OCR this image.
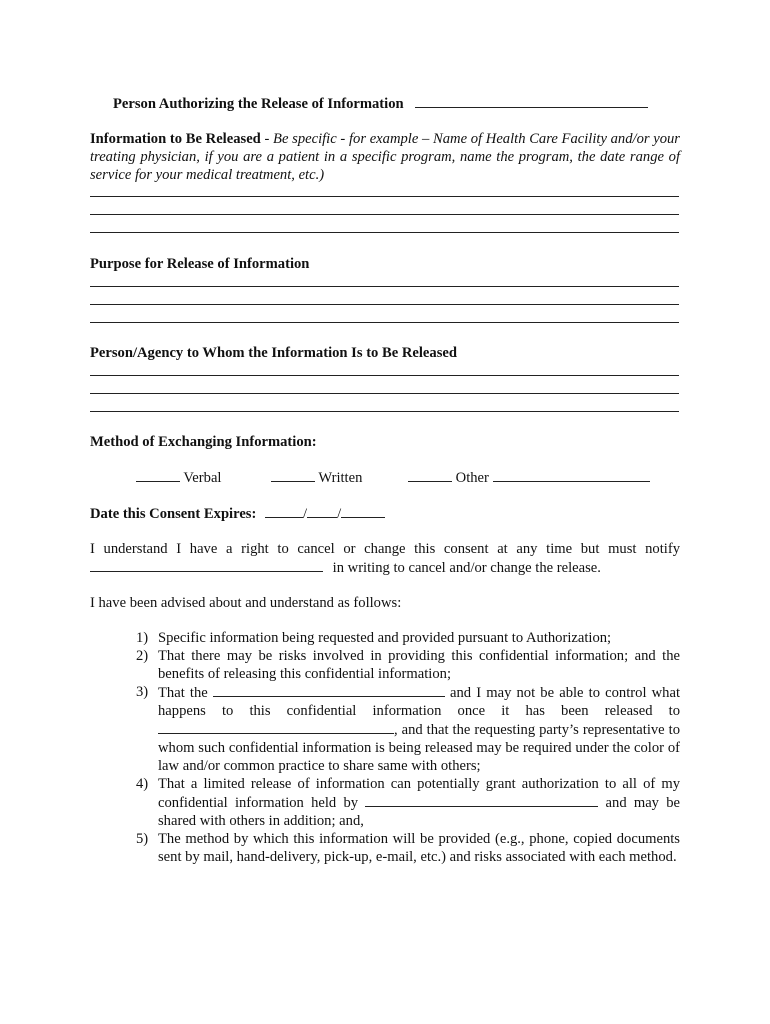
Person Authorizing the Release of Information
Information to Be Released - Be specific - for example – Name of Health Care Facility and/or your treating physician, if you are a patient in a specific program, name the program, the date range of service for your medical treatment, etc.)
Purpose for Release of Information
Person/Agency to Whom the Information Is to Be Released
Method of Exchanging Information:
Verbal	Written	Other
Date this Consent Expires:	/ /
I understand I have a right to cancel or change this consent at any time but must notify
in writing to cancel and/or change the release.
I have been advised about and understand as follows:
1) Specific information being requested and provided pursuant to Authorization;
2) That there may be risks involved in providing this confidential information; and the benefits of releasing this confidential information;
3) That the	and I may not be able to control what happens to this confidential information once it has been released to , and that the requesting party’s representative to whom such confidential information is being released may be required under the color of law and/or common practice to share same with others;
4) That a limited release of information can potentially grant authorization to all of my confidential information held by	and may be shared with others in addition; and,
5) The method by which this information will be provided (e.g., phone, copied documents sent by mail, hand-delivery, pick-up, e-mail, etc.) and risks associated with each method.
